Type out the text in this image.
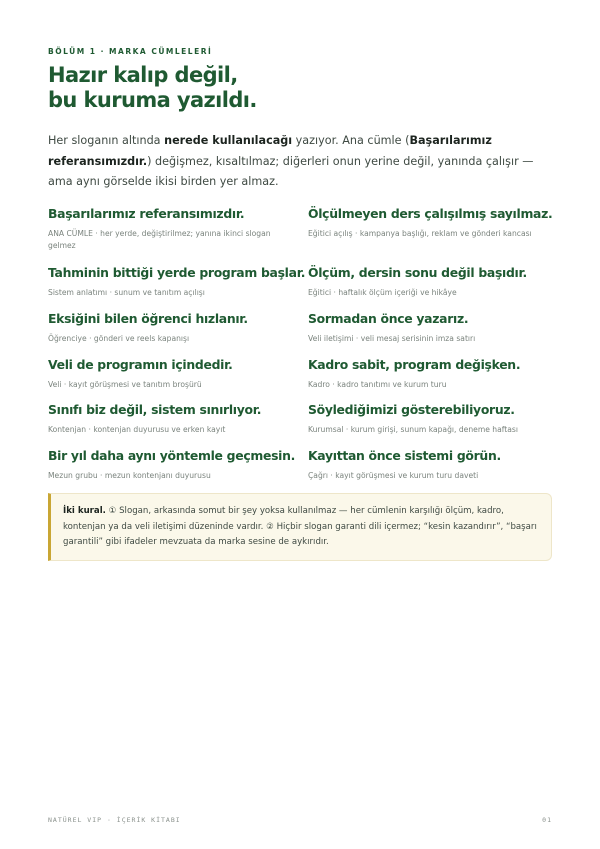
BÖLÜM 1 · MARKA CÜMLELERİ
Hazır kalıp değil,
bu kuruma yazıldı.

Her sloganın altında nerede kullanılacağı yazıyor. Ana cümle (Başarılarımız referansımızdır.) değişmez, kısaltılmaz; diğerleri onun yerine değil, yanında çalışır — ama aynı görselde ikisi birden yer almaz.

Başarılarımız referansımızdır.
ANA CÜMLE · her yerde, değiştirilmez; yanına ikinci slogan gelmez
Ölçülmeyen ders çalışılmış sayılmaz.
Eğitici açılış · kampanya başlığı, reklam ve gönderi kancası
Tahminin bittiği yerde program başlar.
Sistem anlatımı · sunum ve tanıtım açılışı
Ölçüm, dersin sonu değil başıdır.
Eğitici · haftalık ölçüm içeriği ve hikâye
Eksiğini bilen öğrenci hızlanır.
Öğrenciye · gönderi ve reels kapanışı
Sormadan önce yazarız.
Veli iletişimi · veli mesaj serisinin imza satırı
Veli de programın içindedir.
Veli · kayıt görüşmesi ve tanıtım broşürü
Kadro sabit, program değişken.
Kadro · kadro tanıtımı ve kurum turu
Sınıfı biz değil, sistem sınırlıyor.
Kontenjan · kontenjan duyurusu ve erken kayıt
Söylediğimizi gösterebiliyoruz.
Kurumsal · kurum girişi, sunum kapağı, deneme haftası
Bir yıl daha aynı yöntemle geçmesin.
Mezun grubu · mezun kontenjanı duyurusu
Kayıttan önce sistemi görün.
Çağrı · kayıt görüşmesi ve kurum turu daveti
İki kural. ① Slogan, arkasında somut bir şey yoksa kullanılmaz — her cümlenin karşılığı ölçüm, kadro, kontenjan ya da veli iletişimi düzeninde vardır. ② Hiçbir slogan garanti dili içermez; “kesin kazandırır”, “başarı garantili” gibi ifadeler mevzuata da marka sesine de aykırıdır.
NATÜREL VIP · İÇERİK KİTABI	01
